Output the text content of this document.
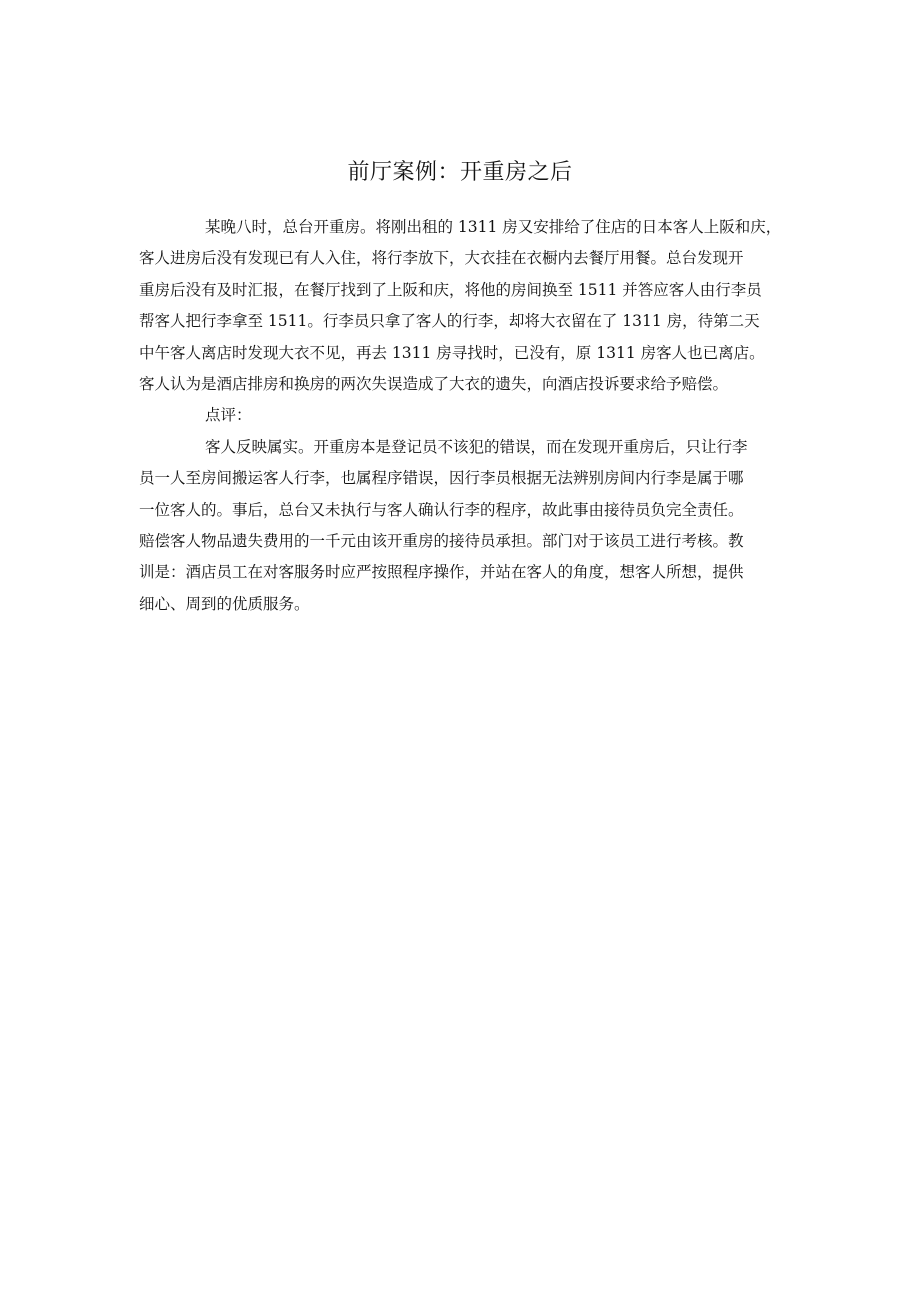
前厅案例：开重房之后

某晚八时，总台开重房。将刚出租的 1311 房又安排给了住店的日本客人上阪和庆，

客人进房后没有发现已有人入住，将行李放下，大衣挂在衣橱内去餐厅用餐。总台发现开

重房后没有及时汇报，在餐厅找到了上阪和庆，将他的房间换至 1511 并答应客人由行李员

帮客人把行李拿至 1511。行李员只拿了客人的行李，却将大衣留在了 1311 房，待第二天

中午客人离店时发现大衣不见，再去 1311 房寻找时，已没有，原 1311 房客人也已离店。

客人认为是酒店排房和换房的两次失误造成了大衣的遗失，向酒店投诉要求给予赔偿。

点评：

客人反映属实。开重房本是登记员不该犯的错误，而在发现开重房后，只让行李

员一人至房间搬运客人行李，也属程序错误，因行李员根据无法辨别房间内行李是属于哪

一位客人的。事后，总台又未执行与客人确认行李的程序，故此事由接待员负完全责任。

赔偿客人物品遗失费用的一千元由该开重房的接待员承担。部门对于该员工进行考核。教

训是：酒店员工在对客服务时应严按照程序操作，并站在客人的角度，想客人所想，提供

细心、周到的优质服务。
